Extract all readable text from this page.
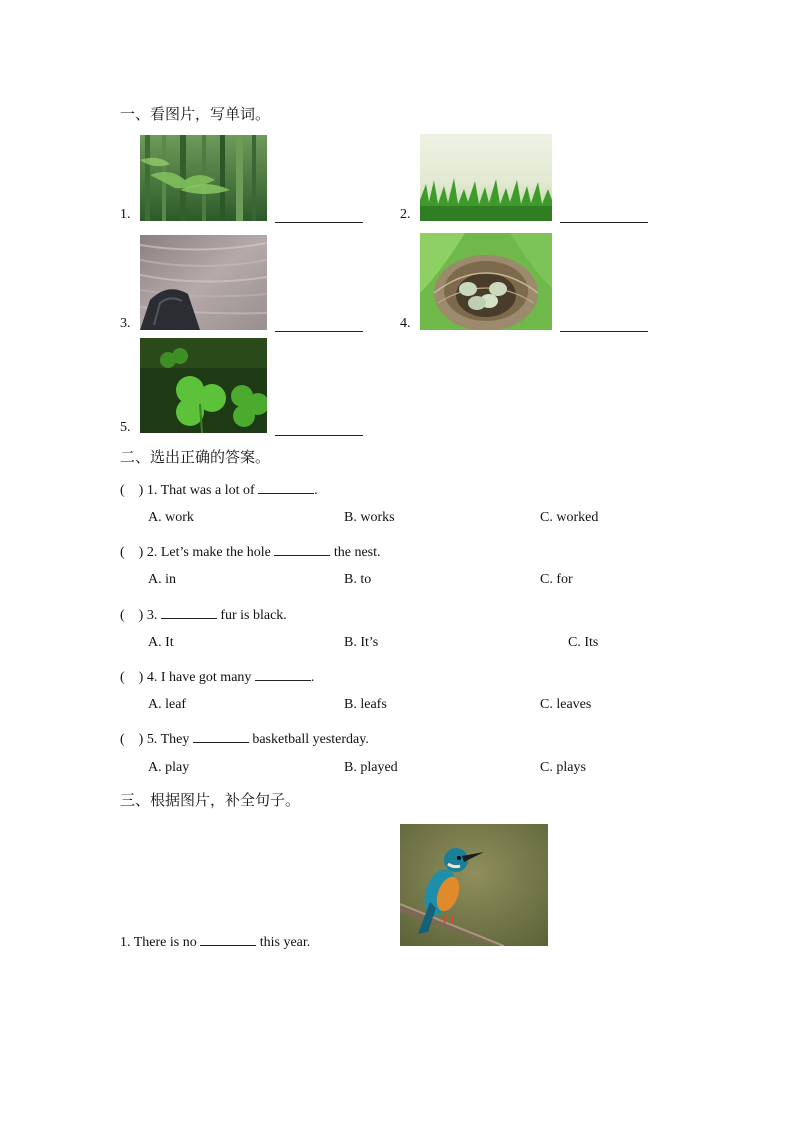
一、看图片，写单词。
1.	2.
3.	4.
5.
二、选出正确的答案。
(　) 1. That was a lot of	.
A. work	B. works	C. worked
(　) 2. Let’s make the hole	the nest.
A. in	B. to	C. for
(　) 3.	fur is black.
A. It	B. It’s	C. Its
(　) 4. I have got many	.
A. leaf	B. leafs	C. leaves
(　) 5. They	basketball yesterday.
A. play	B. played	C. plays
三、根据图片，补全句子。
1. There is no	this year.
